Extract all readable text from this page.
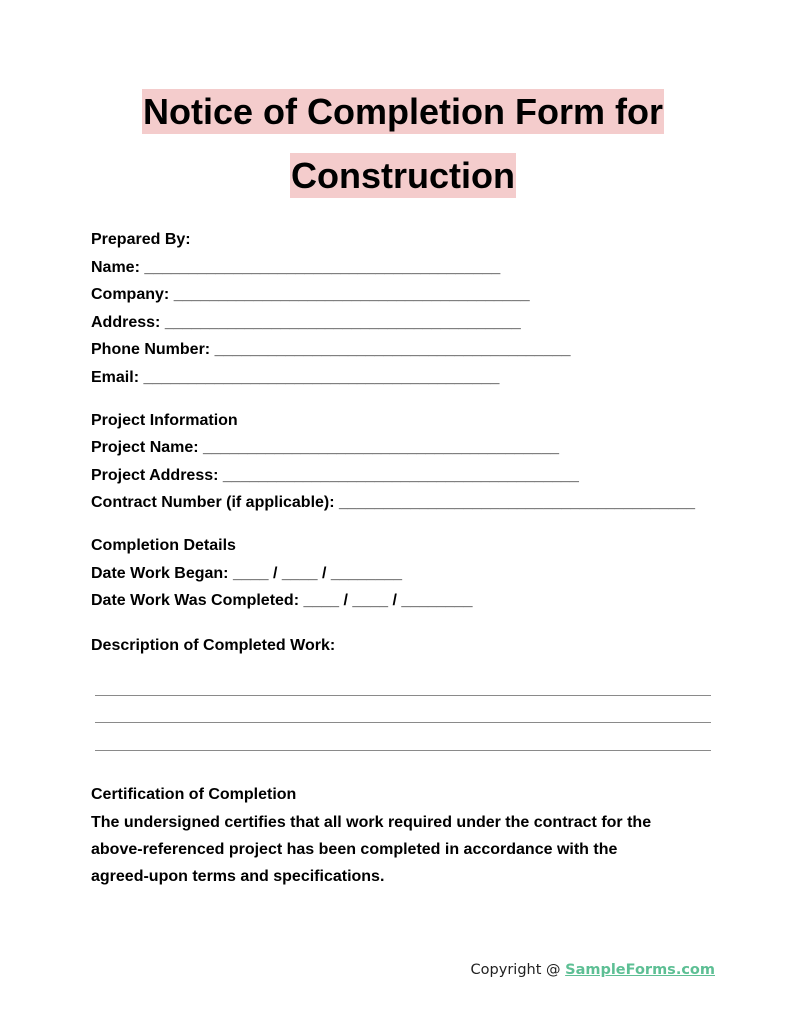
Notice of Completion Form for
Construction
Prepared By:
Name: ________________________________________
Company: ________________________________________
Address: ________________________________________
Phone Number: ________________________________________
Email: ________________________________________
Project Information
Project Name: ________________________________________
Project Address: ________________________________________
Contract Number (if applicable): ________________________________________
Completion Details
Date Work Began: ____ / ____ / ________
Date Work Was Completed: ____ / ____ / ________
Description of Completed Work:
Certification of Completion
The undersigned certifies that all work required under the contract for the
above-referenced project has been completed in accordance with the
agreed-upon terms and specifications.
Copyright @ SampleForms.com
